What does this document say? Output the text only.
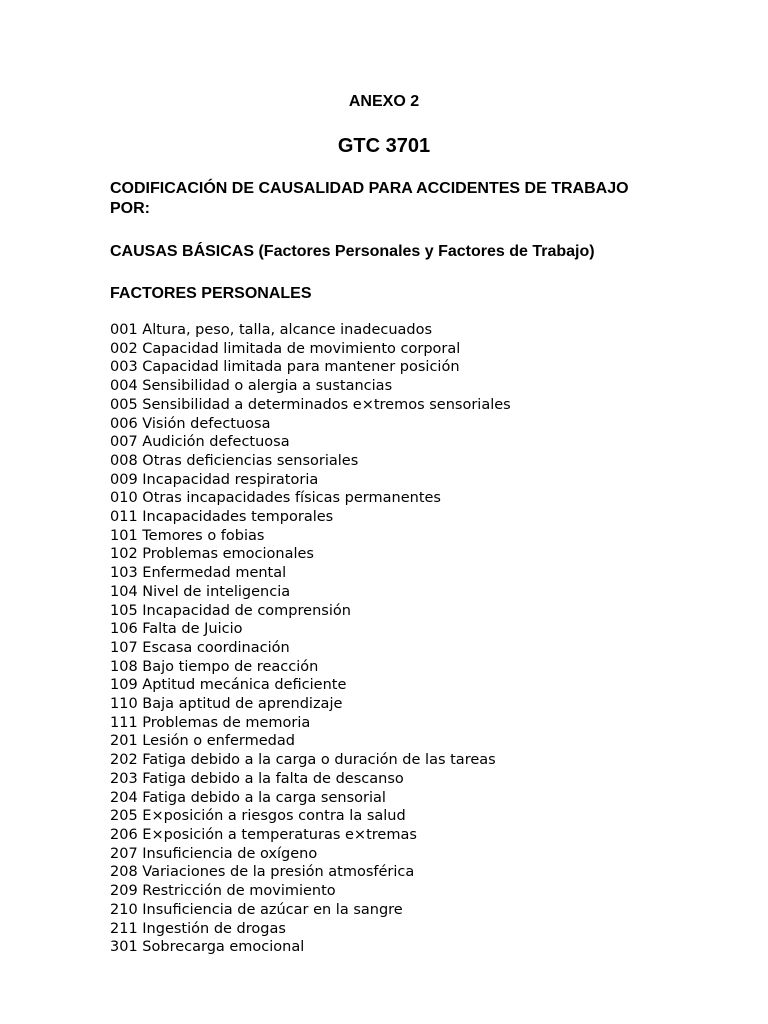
ANEXO 2
GTC 3701
CODIFICACIÓN DE CAUSALIDAD PARA ACCIDENTES DE TRABAJO POR:
CAUSAS BÁSICAS (Factores Personales y Factores de Trabajo)
FACTORES PERSONALES
001 Altura, peso, talla, alcance inadecuados
002 Capacidad limitada de movimiento corporal
003 Capacidad limitada para mantener posición
004 Sensibilidad o alergia a sustancias
005 Sensibilidad a determinados e×tremos sensoriales
006 Visión defectuosa
007 Audición defectuosa
008 Otras deficiencias sensoriales
009 Incapacidad respiratoria
010 Otras incapacidades físicas permanentes
011 Incapacidades temporales
101 Temores o fobias
102 Problemas emocionales
103 Enfermedad mental
104 Nivel de inteligencia
105 Incapacidad de comprensión
106 Falta de Juicio
107 Escasa coordinación
108 Bajo tiempo de reacción
109 Aptitud mecánica deficiente
110 Baja aptitud de aprendizaje
111 Problemas de memoria
201 Lesión o enfermedad
202 Fatiga debido a la carga o duración de las tareas
203 Fatiga debido a la falta de descanso
204 Fatiga debido a la carga sensorial
205 E×posición a riesgos contra la salud
206 E×posición a temperaturas e×tremas
207 Insuficiencia de oxígeno
208 Variaciones de la presión atmosférica
209 Restricción de movimiento
210 Insuficiencia de azúcar en la sangre
211 Ingestión de drogas
301 Sobrecarga emocional
